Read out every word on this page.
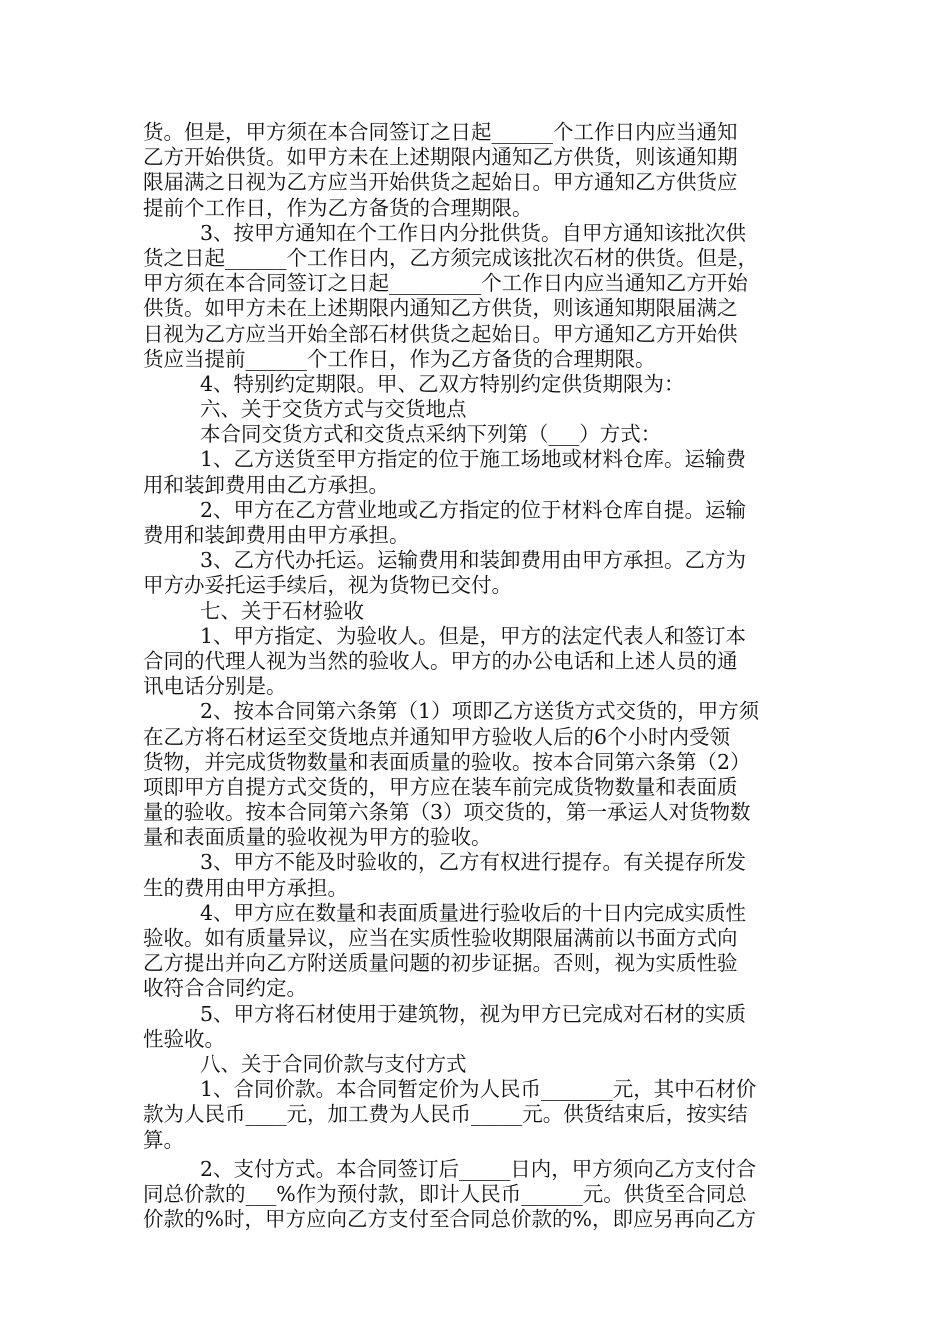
货。但是，甲方须在本合同签订之日起______个工作日内应当通知
乙方开始供货。如甲方未在上述期限内通知乙方供货，则该通知期
限届满之日视为乙方应当开始供货之起始日。甲方通知乙方供货应
提前个工作日，作为乙方备货的合理期限。
3、按甲方通知在个工作日内分批供货。自甲方通知该批次供
货之日起______个工作日内，乙方须完成该批次石材的供货。但是，
甲方须在本合同签订之日起_________个工作日内应当通知乙方开始
供货。如甲方未在上述期限内通知乙方供货，则该通知期限届满之
日视为乙方应当开始全部石材供货之起始日。甲方通知乙方开始供
货应当提前______个工作日，作为乙方备货的合理期限。
4、特别约定期限。甲、乙双方特别约定供货期限为：
六、关于交货方式与交货地点
本合同交货方式和交货点采纳下列第（___）方式：
1、乙方送货至甲方指定的位于施工场地或材料仓库。运输费
用和装卸费用由乙方承担。
2、甲方在乙方营业地或乙方指定的位于材料仓库自提。运输
费用和装卸费用由甲方承担。
3、乙方代办托运。运输费用和装卸费用由甲方承担。乙方为
甲方办妥托运手续后，视为货物已交付。
七、关于石材验收
1、甲方指定、为验收人。但是，甲方的法定代表人和签订本
合同的代理人视为当然的验收人。甲方的办公电话和上述人员的通
讯电话分别是。
2、按本合同第六条第（1）项即乙方送货方式交货的，甲方须
在乙方将石材运至交货地点并通知甲方验收人后的6个小时内受领
货物，并完成货物数量和表面质量的验收。按本合同第六条第（2）
项即甲方自提方式交货的，甲方应在装车前完成货物数量和表面质
量的验收。按本合同第六条第（3）项交货的，第一承运人对货物数
量和表面质量的验收视为甲方的验收。
3、甲方不能及时验收的，乙方有权进行提存。有关提存所发
生的费用由甲方承担。
4、甲方应在数量和表面质量进行验收后的十日内完成实质性
验收。如有质量异议，应当在实质性验收期限届满前以书面方式向
乙方提出并向乙方附送质量问题的初步证据。否则，视为实质性验
收符合合同约定。
5、甲方将石材使用于建筑物，视为甲方已完成对石材的实质
性验收。
八、关于合同价款与支付方式
1、合同价款。本合同暂定价为人民币_______元，其中石材价
款为人民币____元，加工费为人民币_____元。供货结束后，按实结
算。
2、支付方式。本合同签订后_____日内，甲方须向乙方支付合
同总价款的___%作为预付款，即计人民币______元。供货至合同总
价款的%时，甲方应向乙方支付至合同总价款的%，即应另再向乙方
